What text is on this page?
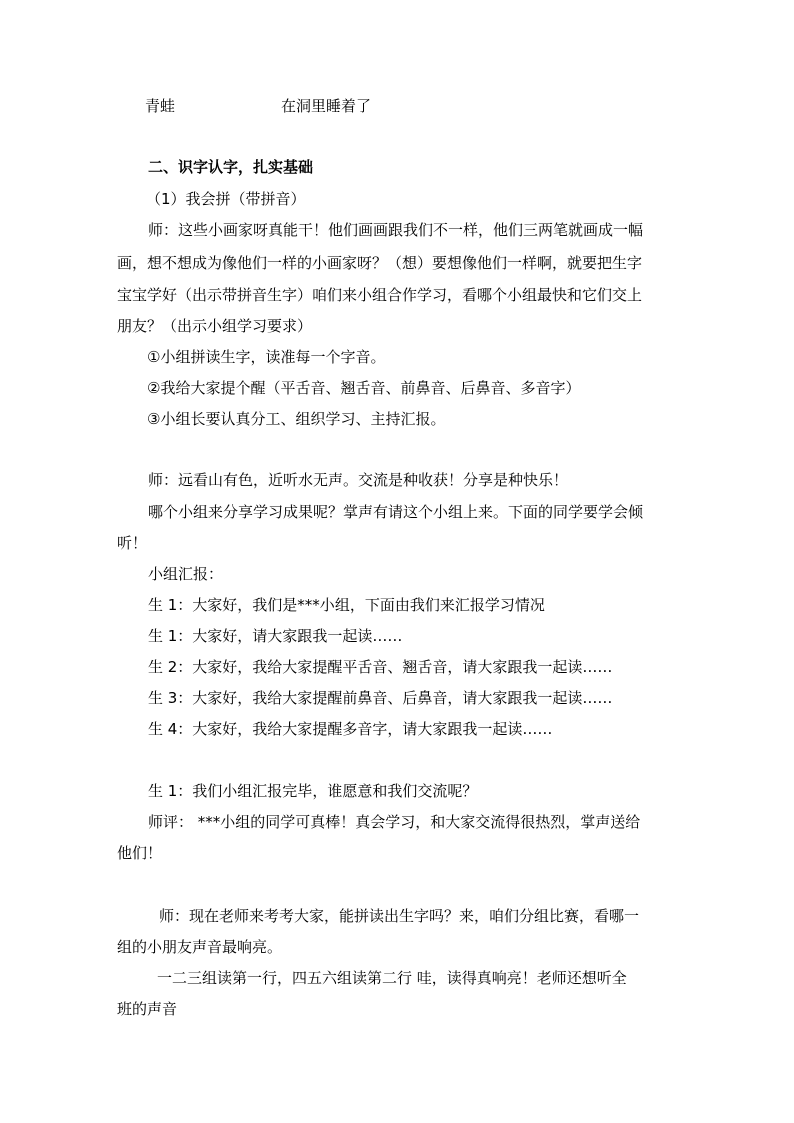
青蛙	在洞里睡着了
二、识字认字，扎实基础
（1）我会拼（带拼音）
师：这些小画家呀真能干！他们画画跟我们不一样，他们三两笔就画成一幅
画，想不想成为像他们一样的小画家呀？（想）要想像他们一样啊，就要把生字
宝宝学好（出示带拼音生字）咱们来小组合作学习，看哪个小组最快和它们交上
朋友？（出示小组学习要求）
①小组拼读生字，读准每一个字音。
②我给大家提个醒（平舌音、翘舌音、前鼻音、后鼻音、多音字）
③小组长要认真分工、组织学习、主持汇报。
师：远看山有色，近听水无声。交流是种收获！分享是种快乐！
哪个小组来分享学习成果呢？掌声有请这个小组上来。下面的同学要学会倾
听！
小组汇报：
生 1：大家好，我们是***小组，下面由我们来汇报学习情况
生 1：大家好，请大家跟我一起读……
生 2：大家好，我给大家提醒平舌音、翘舌音，请大家跟我一起读……
生 3：大家好，我给大家提醒前鼻音、后鼻音，请大家跟我一起读……
生 4：大家好，我给大家提醒多音字，请大家跟我一起读……
生 1：我们小组汇报完毕，谁愿意和我们交流呢？
师评： ***小组的同学可真棒！真会学习，和大家交流得很热烈，掌声送给
他们！
师：现在老师来考考大家，能拼读出生字吗？来，咱们分组比赛，看哪一
组的小朋友声音最响亮。
一二三组读第一行，四五六组读第二行 哇，读得真响亮！老师还想听全
班的声音
